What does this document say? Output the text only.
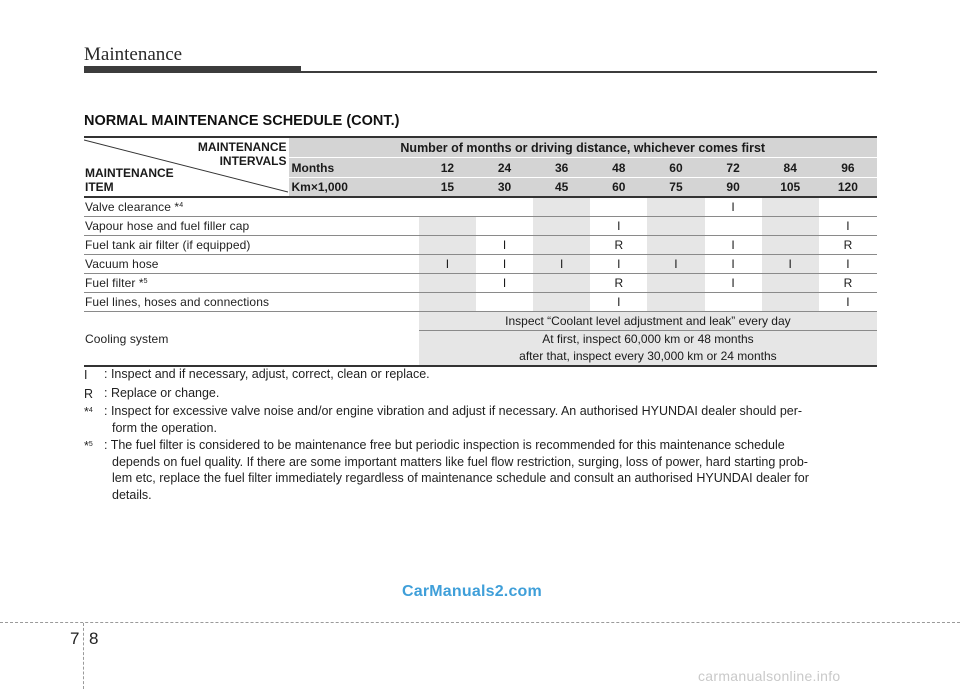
Maintenance
NORMAL MAINTENANCE SCHEDULE (CONT.)
MAINTENANCE
INTERVALS
MAINTENANCE
ITEM	Number of months or driving distance, whichever comes first								
	Months	12	24	36	48	60	72	84	96
	Km×1,000	15	30	45	60	75	90	105	120
Valve clearance *$^4$							I		
Vapour hose and fuel filler cap					I				I
Fuel tank air filter (if equipped)			I		R		I		R
Vacuum hose		I	I	I	I	I	I	I	I
Fuel filter *$^5$			I		R		I		R
Fuel lines, hoses and connections					I				I
Cooling system		Inspect “Coolant level adjustment and leak” every day							

		At first, inspect 60,000 km or 48 months
after that, inspect every 30,000 km or 24 months							
I	: Inspect and if necessary, adjust, correct, clean or replace.
R : Replace or change.
*$^4$ : Inspect for excessive valve noise and/or engine vibration and adjust if necessary. An authorised HYUNDAI dealer should per-
form the operation.
*$^5$ : The fuel filter is considered to be maintenance free but periodic inspection is recommended for this maintenance schedule
depends on fuel quality. If there are some important matters like fuel flow restriction, surging, loss of power, hard starting prob-
lem etc, replace the fuel filter immediately regardless of maintenance schedule and consult an authorised HYUNDAI dealer for
details.
CarManuals2.com
7 8
carmanualsonline.info
